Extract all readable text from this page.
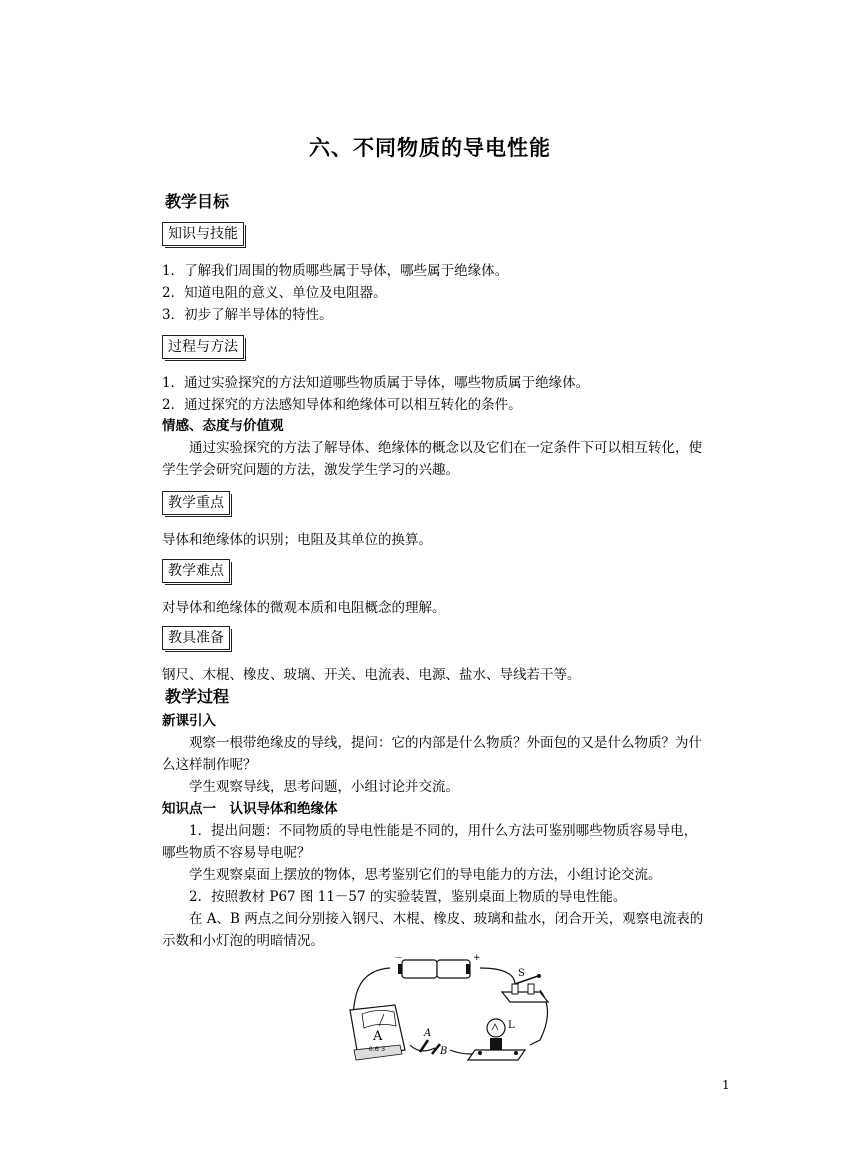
六、不同物质的导电性能
教学目标
知识与技能
1．了解我们周围的物质哪些属于导体，哪些属于绝缘体。
2．知道电阻的意义、单位及电阻器。
3．初步了解半导体的特性。
过程与方法
1．通过实验探究的方法知道哪些物质属于导体，哪些物质属于绝缘体。
2．通过探究的方法感知导体和绝缘体可以相互转化的条件。
情感、态度与价值观
　　通过实验探究的方法了解导体、绝缘体的概念以及它们在一定条件下可以相互转化，使
学生学会研究问题的方法，激发学生学习的兴趣。
教学重点
导体和绝缘体的识别；电阻及其单位的换算。
教学难点
对导体和绝缘体的微观本质和电阻概念的理解。
教具准备
钢尺、木棍、橡皮、玻璃、开关、电流表、电源、盐水、导线若干等。
教学过程
新课引入
　　观察一根带绝缘皮的导线，提问：它的内部是什么物质？外面包的又是什么物质？为什
么这样制作呢？
　　学生观察导线，思考问题，小组讨论并交流。
知识点一　认识导体和绝缘体
　　1．提出问题：不同物质的导电性能是不同的，用什么方法可鉴别哪些物质容易导电，
哪些物质不容易导电呢？
　　学生观察桌面上摆放的物体，思考鉴别它们的导电能力的方法，小组讨论交流。
　　2．按照教材 P67 图 11－57 的实验装置，鉴别桌面上物质的导电性能。
　　在 A、B 两点之间分别接入钢尺、木棍、橡皮、玻璃和盐水，闭合开关，观察电流表的
示数和小灯泡的明暗情况。
－	+
S
A
－ 0.6 3
A
B
L
1
